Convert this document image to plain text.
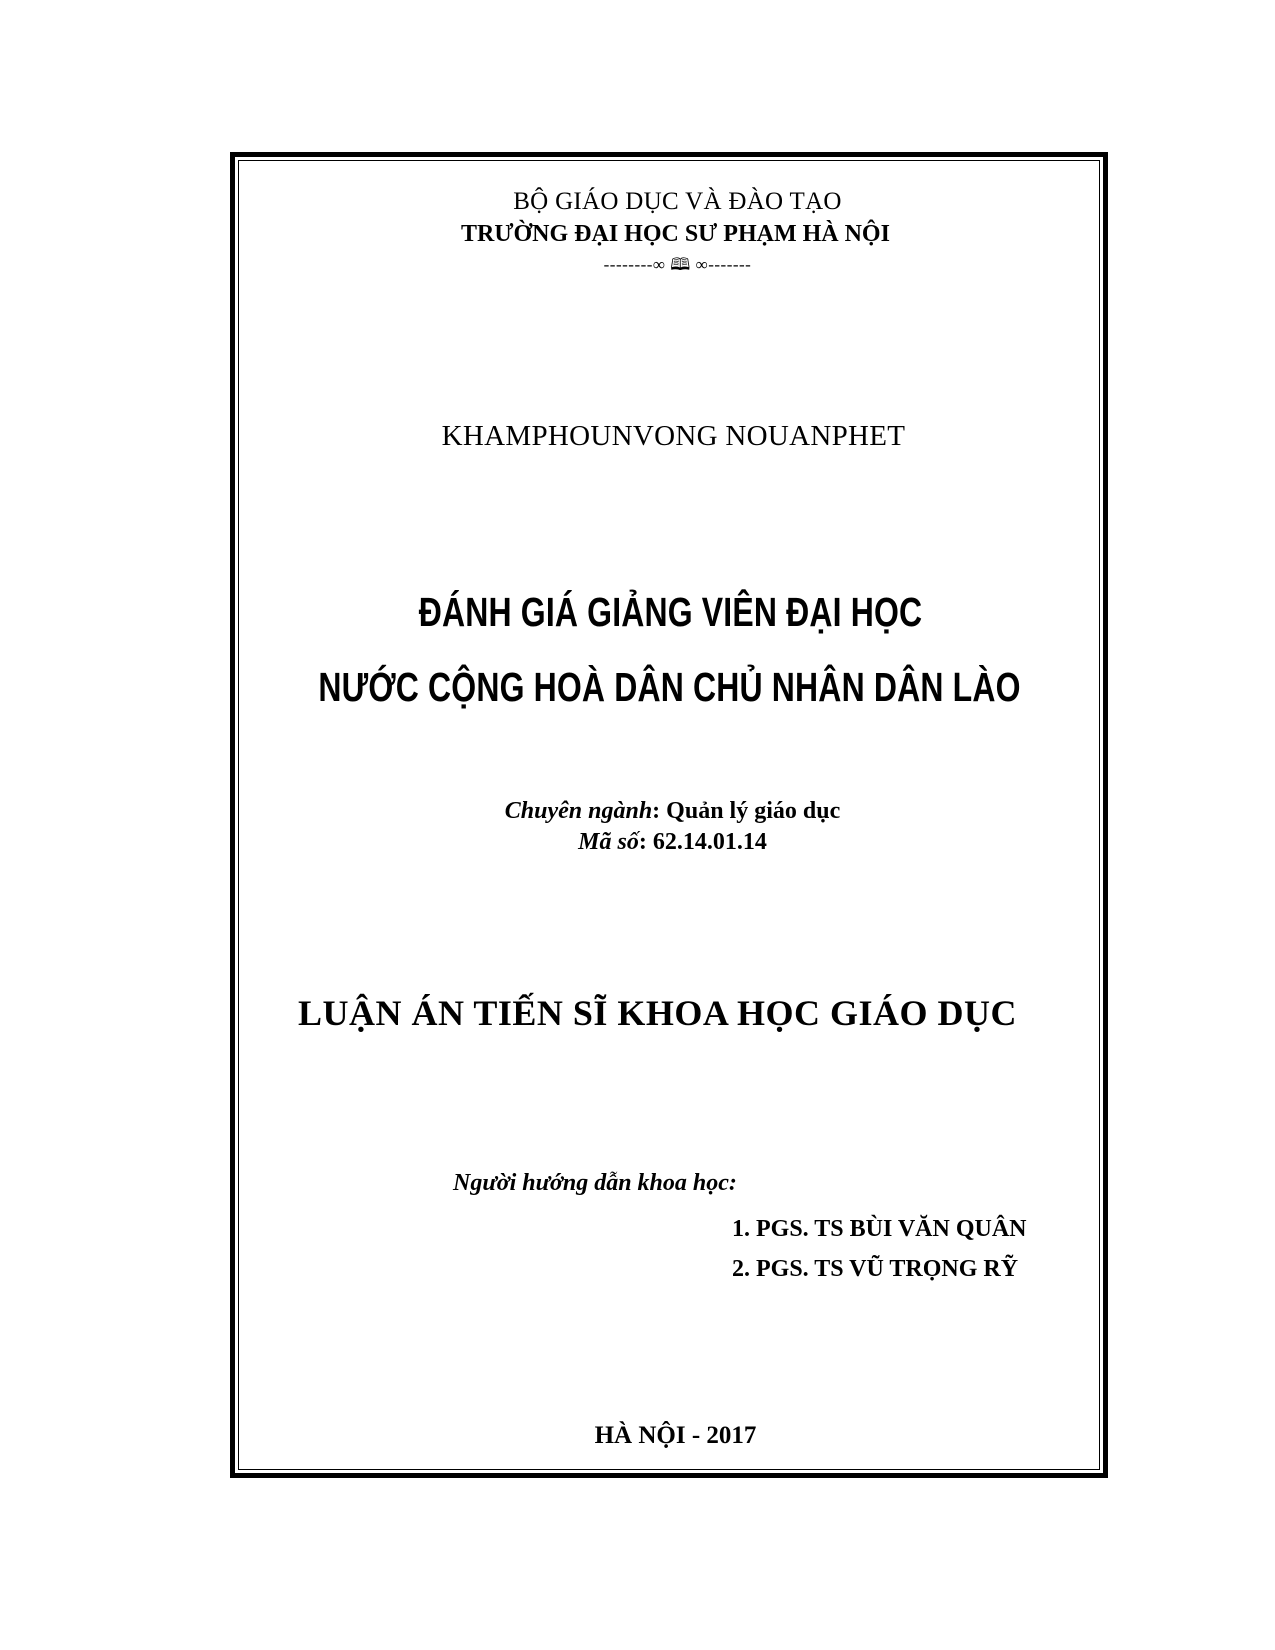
BỘ GIÁO DỤC VÀ ĐÀO TẠO
TRƯỜNG ĐẠI HỌC SƯ PHẠM HÀ NỘI
--------∞ 🕮 ∞-------
KHAMPHOUNVONG NOUANPHET
ĐÁNH GIÁ GIẢNG VIÊN ĐẠI HỌC
NƯỚC CỘNG HOÀ DÂN CHỦ NHÂN DÂN LÀO
Chuyên ngành: Quản lý giáo dục
Mã số: 62.14.01.14
LUẬN ÁN TIẾN SĨ KHOA HỌC GIÁO DỤC
Người hướng dẫn khoa học:
1. PGS. TS BÙI VĂN QUÂN
2. PGS. TS VŨ TRỌNG RỸ
HÀ NỘI - 2017
